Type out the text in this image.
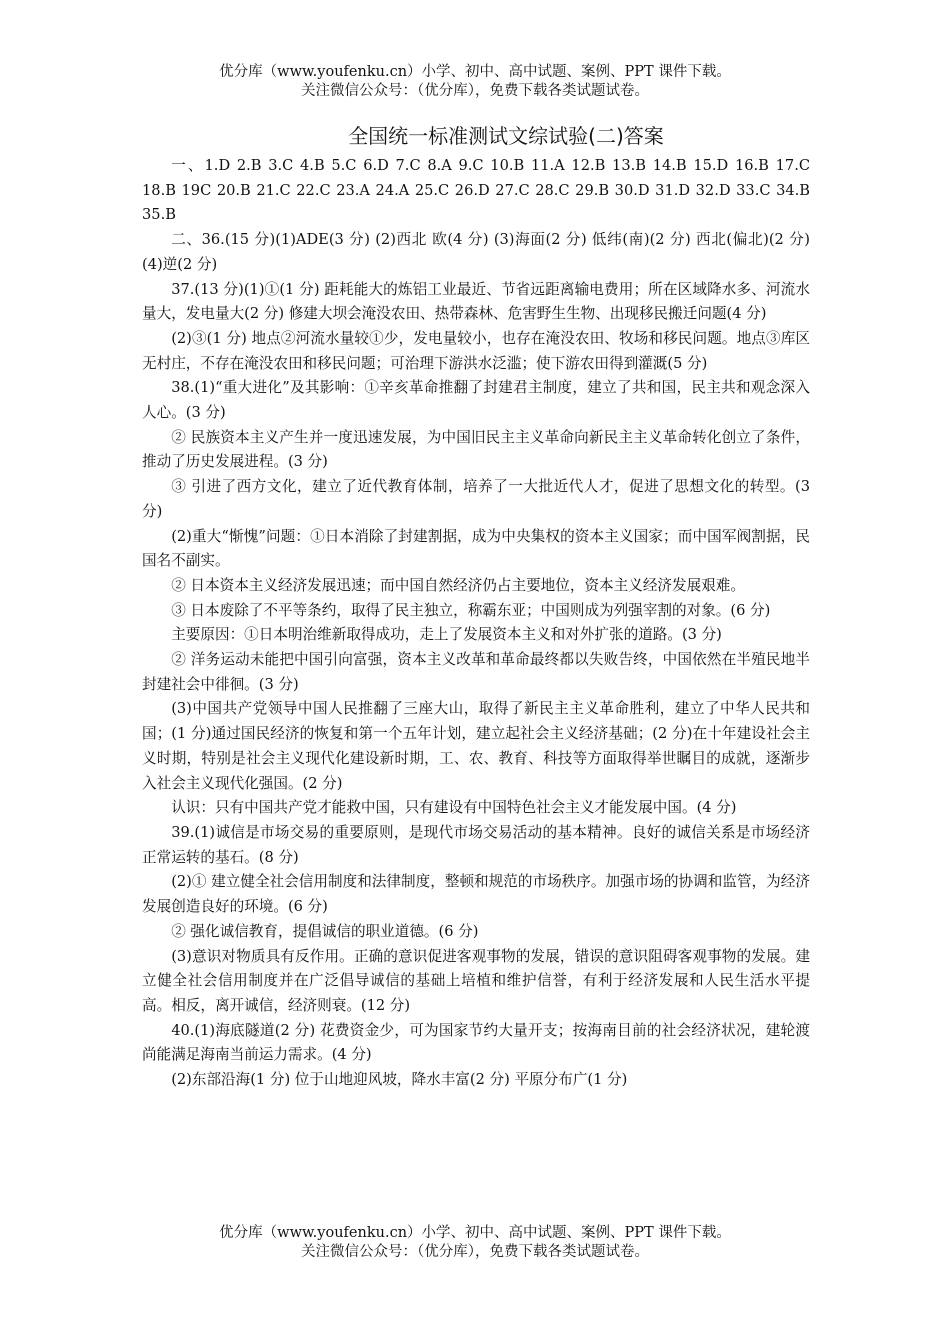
优分库（www.youfenku.cn）小学、初中、高中试题、案例、PPT 课件下载。
关注微信公众号：（优分库），免费下载各类试题试卷。
全国统一标准测试文综试验(二)答案

一、1.D 2.B 3.C 4.B 5.C 6.D 7.C 8.A 9.C 10.B 11.A 12.B 13.B 14.B 15.D 16.B 17.C 18.B 19C 20.B 21.C 22.C 23.A 24.A 25.C 26.D 27.C 28.C 29.B 30.D 31.D 32.D 33.C 34.B 35.B

二、36.(15 分)(1)ADE(3 分) (2)西北 欧(4 分) (3)海面(2 分) 低纬(南)(2 分) 西北(偏北)(2 分) (4)逆(2 分)

37.(13 分)(1)①(1 分) 距耗能大的炼铝工业最近、节省远距离输电费用；所在区域降水多、河流水量大，发电量大(2 分) 修建大坝会淹没农田、热带森林、危害野生生物、出现移民搬迁问题(4 分)

(2)③(1 分) 地点②河流水量较①少，发电量较小，也存在淹没农田、牧场和移民问题。地点③库区无村庄，不存在淹没农田和移民问题；可治理下游洪水泛滥；使下游农田得到灌溉(5 分)

38.(1)“重大进化”及其影响：①辛亥革命推翻了封建君主制度，建立了共和国，民主共和观念深入人心。(3 分)

② 民族资本主义产生并一度迅速发展，为中国旧民主主义革命向新民主主义革命转化创立了条件，推动了历史发展进程。(3 分)

③ 引进了西方文化，建立了近代教育体制，培养了一大批近代人才，促进了思想文化的转型。(3 分)

(2)重大“惭愧”问题：①日本消除了封建割据，成为中央集权的资本主义国家；而中国军阀割据，民国名不副实。

② 日本资本主义经济发展迅速；而中国自然经济仍占主要地位，资本主义经济发展艰难。

③ 日本废除了不平等条约，取得了民主独立，称霸东亚；中国则成为列强宰割的对象。(6 分)

主要原因：①日本明治维新取得成功，走上了发展资本主义和对外扩张的道路。(3 分)

② 洋务运动未能把中国引向富强，资本主义改革和革命最终都以失败告终，中国依然在半殖民地半封建社会中徘徊。(3 分)

(3)中国共产党领导中国人民推翻了三座大山，取得了新民主主义革命胜利，建立了中华人民共和国；(1 分)通过国民经济的恢复和第一个五年计划，建立起社会主义经济基础；(2 分)在十年建设社会主义时期，特别是社会主义现代化建设新时期，工、农、教育、科技等方面取得举世瞩目的成就，逐渐步入社会主义现代化强国。(2 分)

认识：只有中国共产党才能救中国，只有建设有中国特色社会主义才能发展中国。(4 分)

39.(1)诚信是市场交易的重要原则，是现代市场交易活动的基本精神。良好的诚信关系是市场经济正常运转的基石。(8 分)

(2)① 建立健全社会信用制度和法律制度，整顿和规范的市场秩序。加强市场的协调和监管，为经济发展创造良好的环境。(6 分)

② 强化诚信教育，提倡诚信的职业道德。(6 分)

(3)意识对物质具有反作用。正确的意识促进客观事物的发展，错误的意识阻碍客观事物的发展。建立健全社会信用制度并在广泛倡导诚信的基础上培植和维护信誉，有利于经济发展和人民生活水平提高。相反，离开诚信，经济则衰。(12 分)

40.(1)海底隧道(2 分) 花费资金少，可为国家节约大量开支；按海南目前的社会经济状况，建轮渡尚能满足海南当前运力需求。(4 分)

(2)东部沿海(1 分) 位于山地迎风坡，降水丰富(2 分) 平原分布广(1 分)

优分库（www.youfenku.cn）小学、初中、高中试题、案例、PPT 课件下载。
关注微信公众号：（优分库），免费下载各类试题试卷。
